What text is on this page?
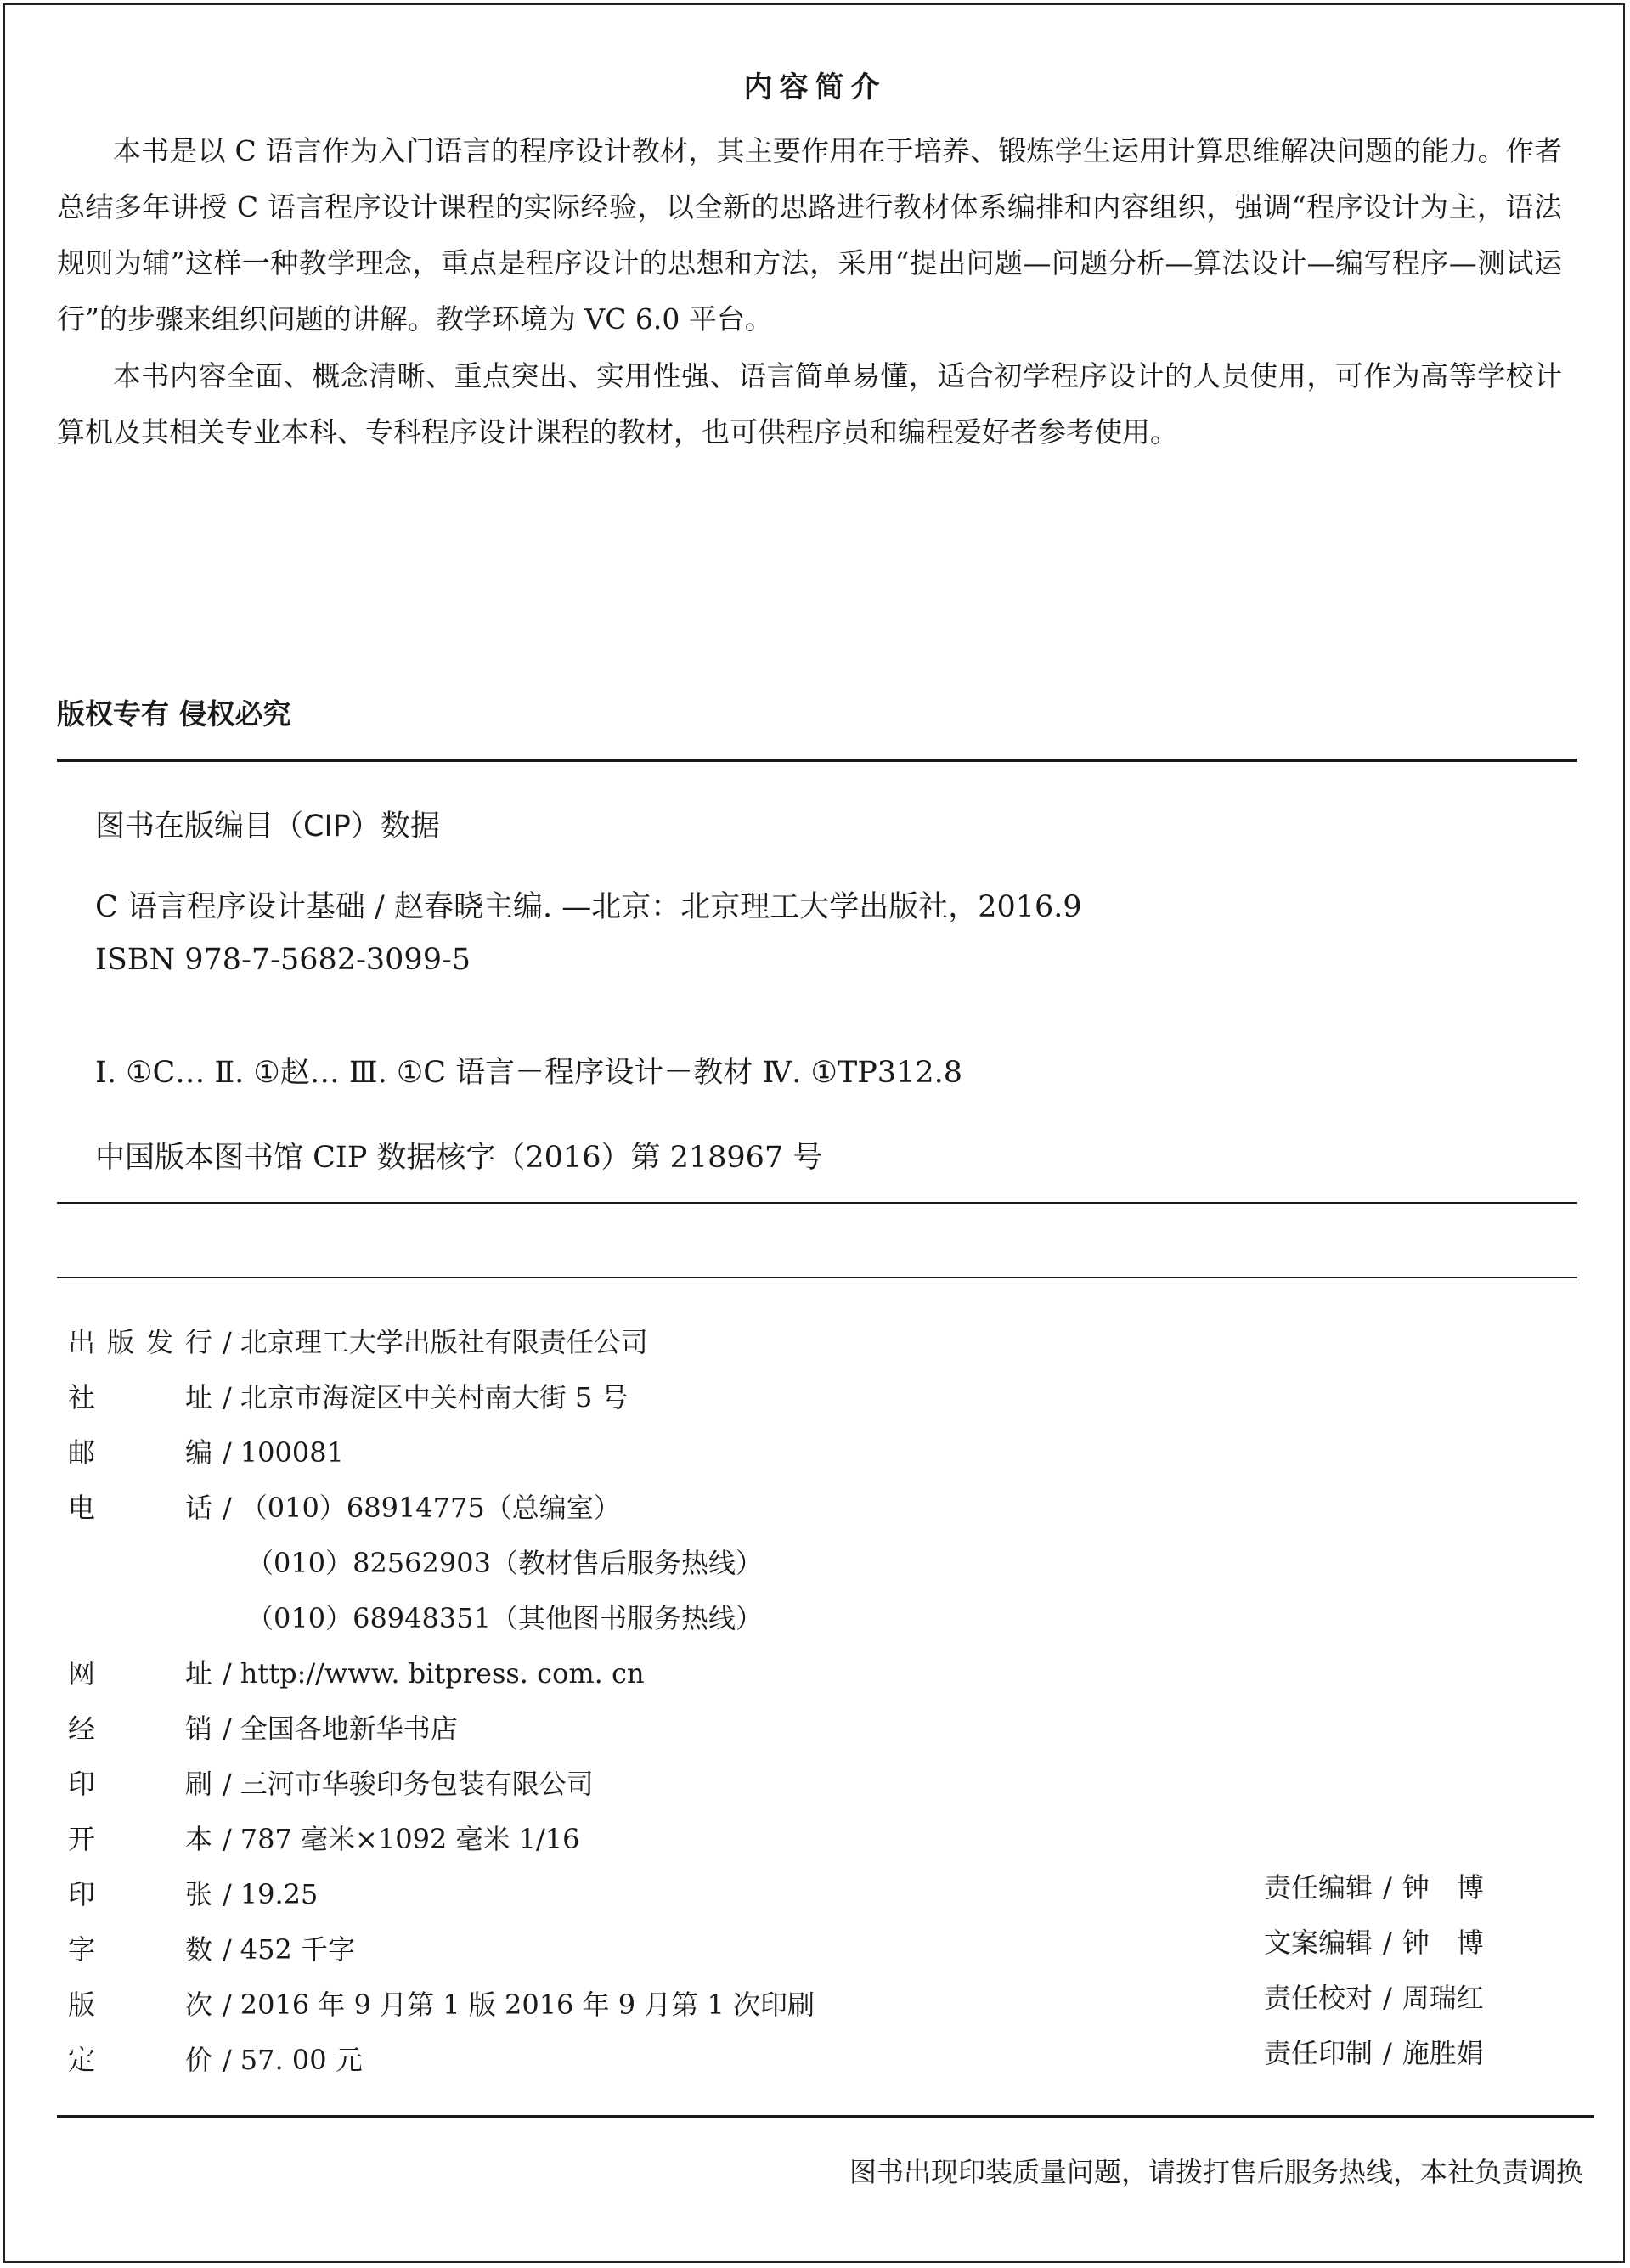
内容简介
本书是以 C 语言作为入门语言的程序设计教材，其主要作用在于培养、锻炼学生运用计算思维解决问题的能力。作者总结多年讲授 C 语言程序设计课程的实际经验，以全新的思路进行教材体系编排和内容组织，强调“程序设计为主，语法规则为辅”这样一种教学理念，重点是程序设计的思想和方法，采用“提出问题—问题分析—算法设计—编写程序—测试运行”的步骤来组织问题的讲解。教学环境为 VC 6.0 平台。
本书内容全面、概念清晰、重点突出、实用性强、语言简单易懂，适合初学程序设计的人员使用，可作为高等学校计算机及其相关专业本科、专科程序设计课程的教材，也可供程序员和编程爱好者参考使用。
版权专有 侵权必究
图书在版编目（CIP）数据
C 语言程序设计基础 / 赵春晓主编. —北京：北京理工大学出版社，2016.9
ISBN 978-7-5682-3099-5
Ⅰ. ①C… Ⅱ. ①赵… Ⅲ. ①C 语言－程序设计－教材 Ⅳ. ①TP312.8
中国版本图书馆 CIP 数据核字（2016）第 218967 号
出版发行 / 北京理工大学出版社有限责任公司
社址 / 北京市海淀区中关村南大街 5 号
邮编 / 100081
电话 / （010）68914775（总编室）
（010）82562903（教材售后服务热线）
（010）68948351（其他图书服务热线）
网址 / http://www. bitpress. com. cn
经销 / 全国各地新华书店
印刷 / 三河市华骏印务包装有限公司
开本 / 787 毫米×1092 毫米 1/16
印张 / 19.25
字数 / 452 千字
版次 / 2016 年 9 月第 1 版 2016 年 9 月第 1 次印刷
定价 / 57. 00 元
责任编辑 / 钟　博
文案编辑 / 钟　博
责任校对 / 周瑞红
责任印制 / 施胜娟
图书出现印装质量问题，请拨打售后服务热线，本社负责调换
